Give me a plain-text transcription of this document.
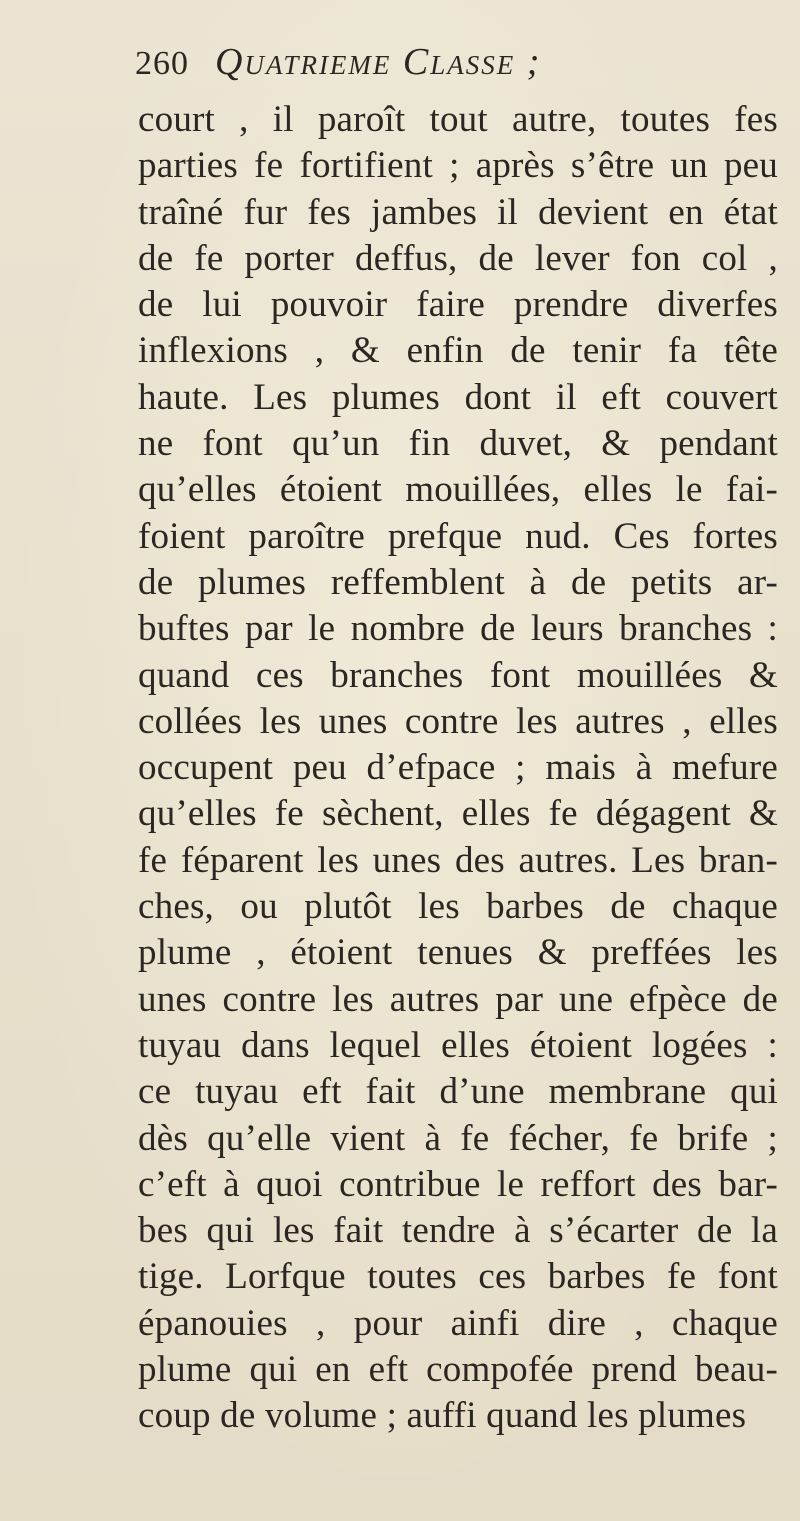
260 Quatrieme Classe ;
court , il paroît tout autre, toutes fes
parties fe fortifient ; après s’être un peu
traîné fur fes jambes il devient en état
de fe porter deffus, de lever fon col ,
de lui pouvoir faire prendre diverfes
inflexions , & enfin de tenir fa tête
haute. Les plumes dont il eft couvert
ne font qu’un fin duvet, & pendant
qu’elles étoient mouillées, elles le fai-
foient paroître prefque nud. Ces fortes
de plumes reffemblent à de petits ar-
buftes par le nombre de leurs branches :
quand ces branches font mouillées &
collées les unes contre les autres , elles
occupent peu d’efpace ; mais à mefure
qu’elles fe sèchent, elles fe dégagent &
fe féparent les unes des autres. Les bran-
ches, ou plutôt les barbes de chaque
plume , étoient tenues & preffées les
unes contre les autres par une efpèce de
tuyau dans lequel elles étoient logées :
ce tuyau eft fait d’une membrane qui
dès qu’elle vient à fe fécher, fe brife ;
c’eft à quoi contribue le reffort des bar-
bes qui les fait tendre à s’écarter de la
tige. Lorfque toutes ces barbes fe font
épanouies , pour ainfi dire , chaque
plume qui en eft compofée prend beau-
coup de volume ; auffi quand les plumes
